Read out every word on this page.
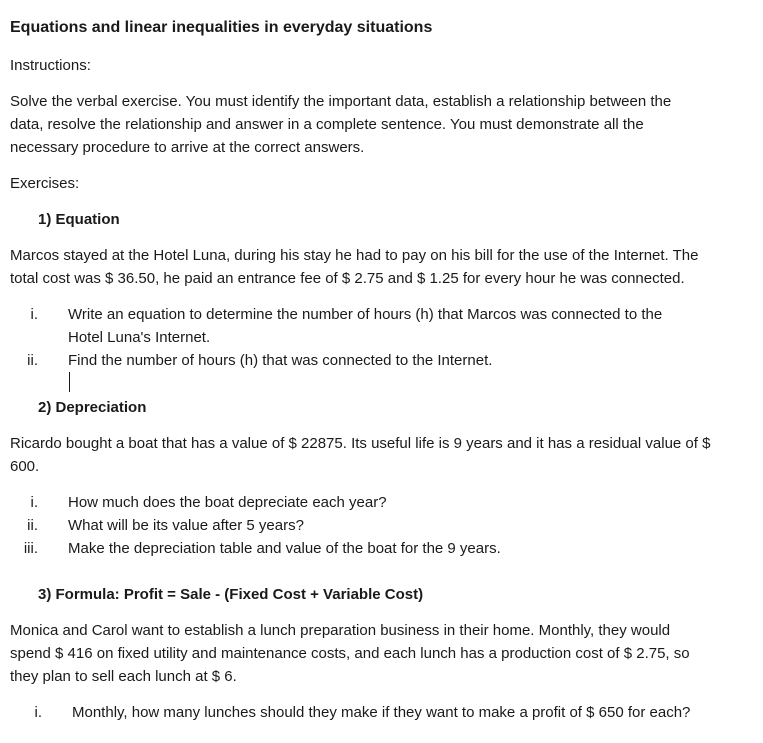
Equations and linear inequalities in everyday situations
Instructions:
Solve the verbal exercise. You must identify the important data, establish a relationship between the
data, resolve the relationship and answer in a complete sentence. You must demonstrate all the
necessary procedure to arrive at the correct answers.
Exercises:
1) Equation
Marcos stayed at the Hotel Luna, during his stay he had to pay on his bill for the use of the Internet. The
total cost was $ 36.50, he paid an entrance fee of $ 2.75 and $ 1.25 for every hour he was connected.
i. Write an equation to determine the number of hours (h) that Marcos was connected to the
Hotel Luna's Internet.
ii. Find the number of hours (h) that was connected to the Internet.
2) Depreciation
Ricardo bought a boat that has a value of $ 22875. Its useful life is 9 years and it has a residual value of $
600.
i. How much does the boat depreciate each year?
ii. What will be its value after 5 years?
iii. Make the depreciation table and value of the boat for the 9 years.
3) Formula: Profit = Sale - (Fixed Cost + Variable Cost)
Monica and Carol want to establish a lunch preparation business in their home. Monthly, they would
spend $ 416 on fixed utility and maintenance costs, and each lunch has a production cost of $ 2.75, so
they plan to sell each lunch at $ 6.
i. Monthly, how many lunches should they make if they want to make a profit of $ 650 for each?
